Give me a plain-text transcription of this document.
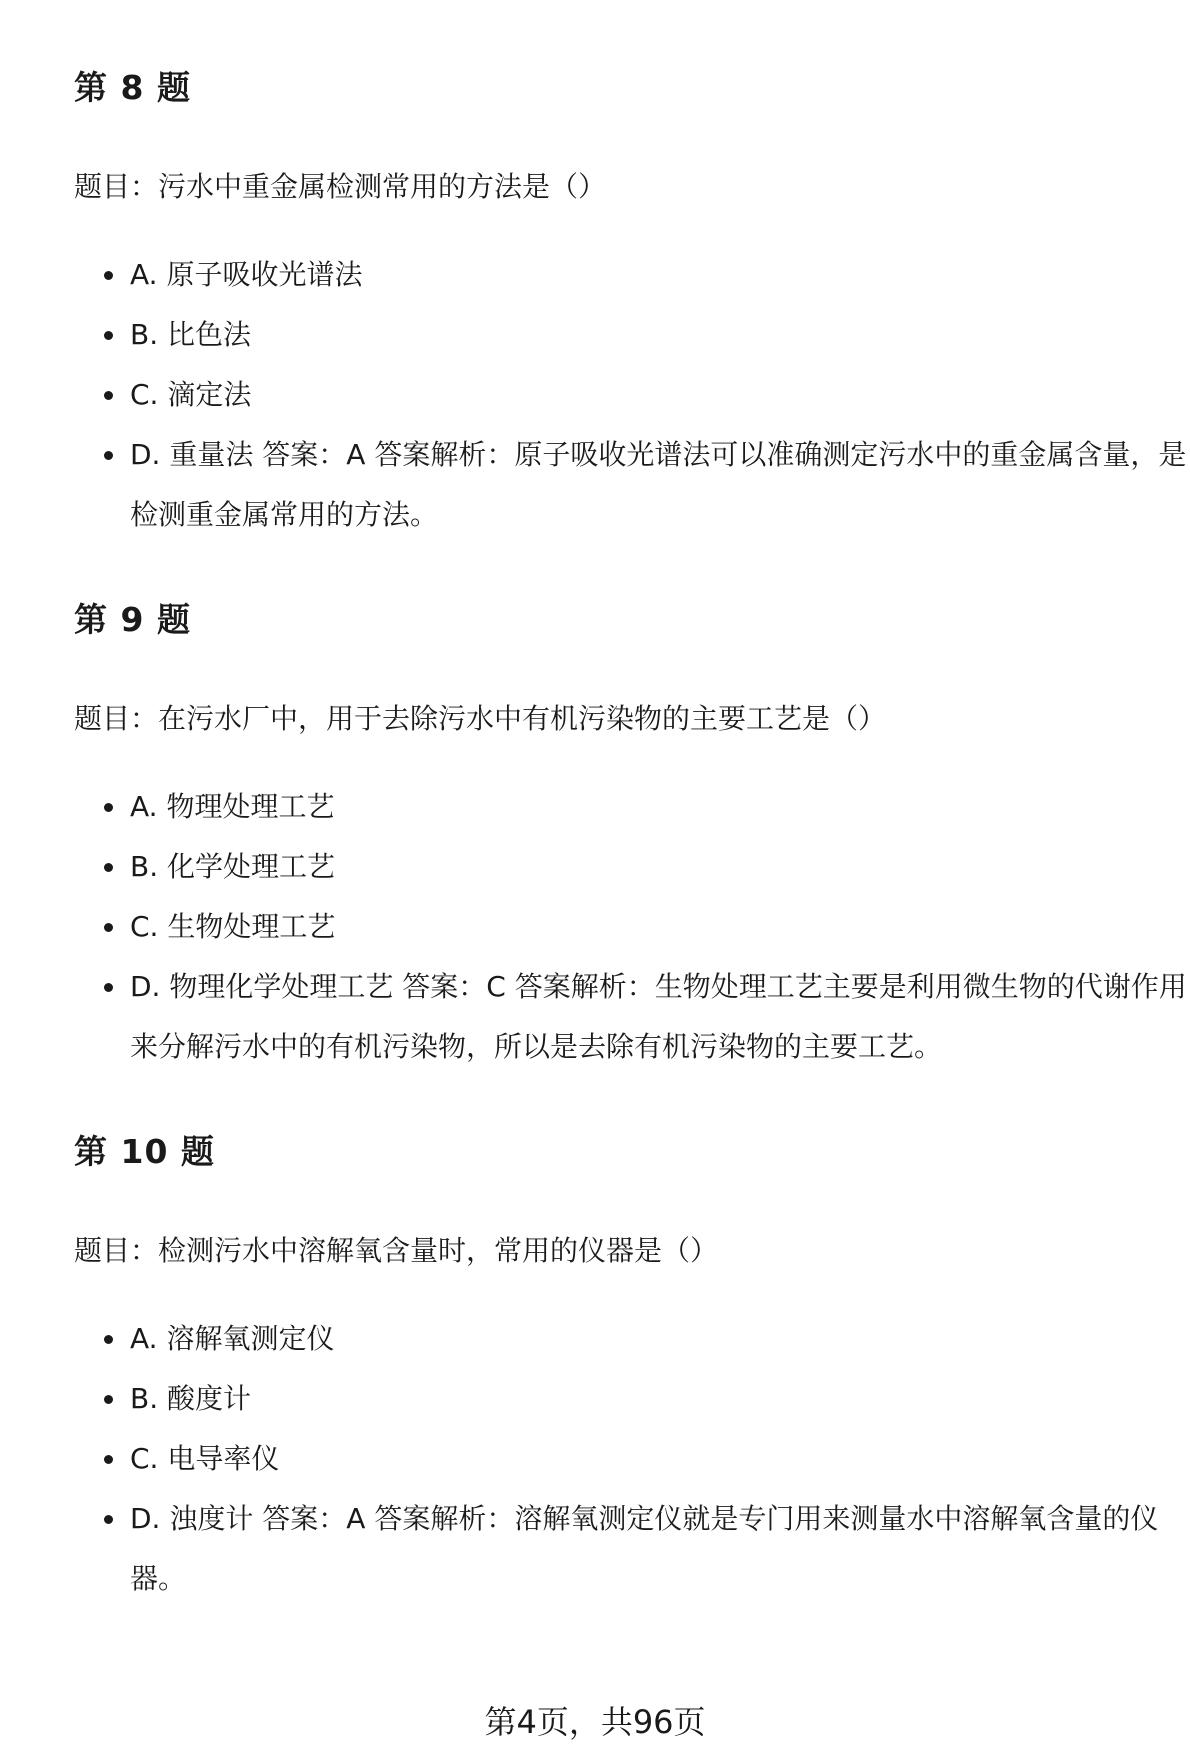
第 8 题

题目：污水中重金属检测常用的方法是（）

A. 原子吸收光谱法
B. 比色法
C. 滴定法
D. 重量法 答案：A 答案解析：原子吸收光谱法可以准确测定污水中的重金属含量，是检测重金属常用的方法。
第 9 题

题目：在污水厂中，用于去除污水中有机污染物的主要工艺是（）

A. 物理处理工艺
B. 化学处理工艺
C. 生物处理工艺
D. 物理化学处理工艺 答案：C 答案解析：生物处理工艺主要是利用微生物的代谢作用来分解污水中的有机污染物，所以是去除有机污染物的主要工艺。
第 10 题

题目：检测污水中溶解氧含量时，常用的仪器是（）

A. 溶解氧测定仪
B. 酸度计
C. 电导率仪
D. 浊度计 答案：A 答案解析：溶解氧测定仪就是专门用来测量水中溶解氧含量的仪器。
第4页，共96页
